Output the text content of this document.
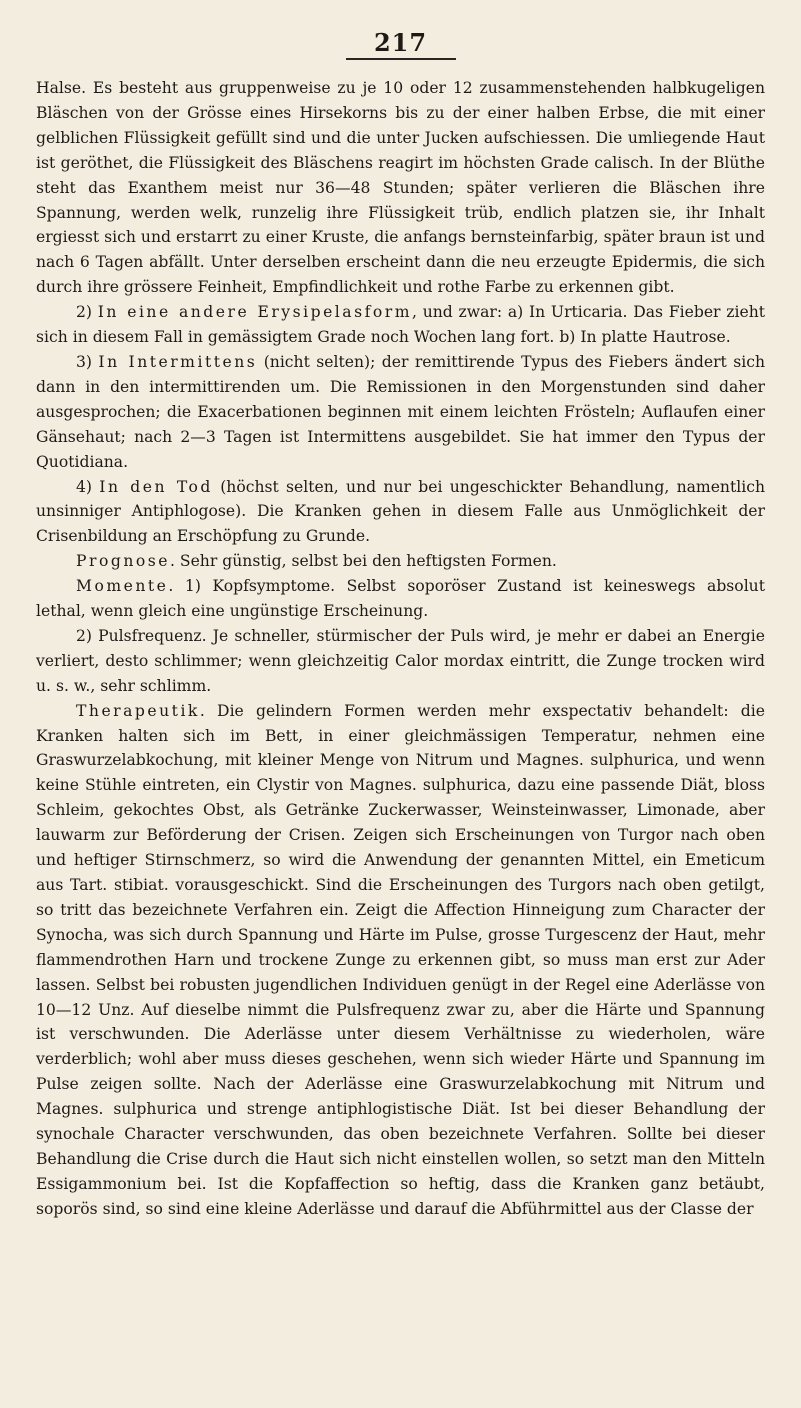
217

Halse. Es besteht aus gruppenweise zu je 10 oder 12 zusammenstehenden halbkugeligen Bläschen von der Grösse eines Hirsekorns bis zu der einer halben Erbse, die mit einer gelblichen Flüssigkeit gefüllt sind und die unter Jucken aufschiessen. Die umliegende Haut ist geröthet, die Flüssigkeit des Bläschens reagirt im höchsten Grade calisch. In der Blüthe steht das Exanthem meist nur 36—48 Stunden; später verlieren die Bläschen ihre Spannung, werden welk, runzelig ihre Flüssigkeit trüb, endlich platzen sie, ihr Inhalt ergiesst sich und erstarrt zu einer Kruste, die anfangs bernsteinfarbig, später braun ist und nach 6 Tagen abfällt. Unter derselben erscheint dann die neu erzeugte Epidermis, die sich durch ihre grössere Feinheit, Empfindlichkeit und rothe Farbe zu erkennen gibt.

2) In eine andere Erysipelasform, und zwar: a) In Urticaria. Das Fieber zieht sich in diesem Fall in gemässigtem Grade noch Wochen lang fort. b) In platte Hautrose.

3) In Intermittens (nicht selten); der remittirende Typus des Fiebers ändert sich dann in den intermittirenden um. Die Remissionen in den Morgenstunden sind daher ausgesprochen; die Exacerbationen beginnen mit einem leichten Frösteln; Auflaufen einer Gänsehaut; nach 2—3 Tagen ist Intermittens ausgebildet. Sie hat immer den Typus der Quotidiana.

4) In den Tod (höchst selten, und nur bei ungeschickter Behandlung, namentlich unsinniger Antiphlogose). Die Kranken gehen in diesem Falle aus Unmöglichkeit der Crisenbildung an Erschöpfung zu Grunde.

Prognose. Sehr günstig, selbst bei den heftigsten Formen.

Momente. 1) Kopfsymptome. Selbst soporöser Zustand ist keineswegs absolut lethal, wenn gleich eine ungünstige Erscheinung.

2) Pulsfrequenz. Je schneller, stürmischer der Puls wird, je mehr er dabei an Energie verliert, desto schlimmer; wenn gleichzeitig Calor mordax eintritt, die Zunge trocken wird u. s. w., sehr schlimm.

Therapeutik. Die gelindern Formen werden mehr exspectativ behandelt: die Kranken halten sich im Bett, in einer gleichmässigen Temperatur, nehmen eine Graswurzelabkochung, mit kleiner Menge von Nitrum und Magnes. sulphurica, und wenn keine Stühle eintreten, ein Clystir von Magnes. sulphurica, dazu eine passende Diät, bloss Schleim, gekochtes Obst, als Getränke Zuckerwasser, Weinsteinwasser, Limonade, aber lauwarm zur Beförderung der Crisen. Zeigen sich Erscheinungen von Turgor nach oben und heftiger Stirnschmerz, so wird die Anwendung der genannten Mittel, ein Emeticum aus Tart. stibiat. vorausgeschickt. Sind die Erscheinungen des Turgors nach oben getilgt, so tritt das bezeichnete Verfahren ein. Zeigt die Affection Hinneigung zum Character der Synocha, was sich durch Spannung und Härte im Pulse, grosse Turgescenz der Haut, mehr flammendrothen Harn und trockene Zunge zu erkennen gibt, so muss man erst zur Ader lassen. Selbst bei robusten jugendlichen Individuen genügt in der Regel eine Aderlässe von 10—12 Unz. Auf dieselbe nimmt die Pulsfrequenz zwar zu, aber die Härte und Spannung ist verschwunden. Die Aderlässe unter diesem Verhältnisse zu wiederholen, wäre verderblich; wohl aber muss dieses geschehen, wenn sich wieder Härte und Spannung im Pulse zeigen sollte. Nach der Aderlässe eine Graswurzelabkochung mit Nitrum und Magnes. sulphurica und strenge antiphlogistische Diät. Ist bei dieser Behandlung der synochale Character verschwunden, das oben bezeichnete Verfahren. Sollte bei dieser Behandlung die Crise durch die Haut sich nicht einstellen wollen, so setzt man den Mitteln Essigammonium bei. Ist die Kopfaffection so heftig, dass die Kranken ganz betäubt, soporös sind, so sind eine kleine Aderlässe und darauf die Abführmittel aus der Classe der
